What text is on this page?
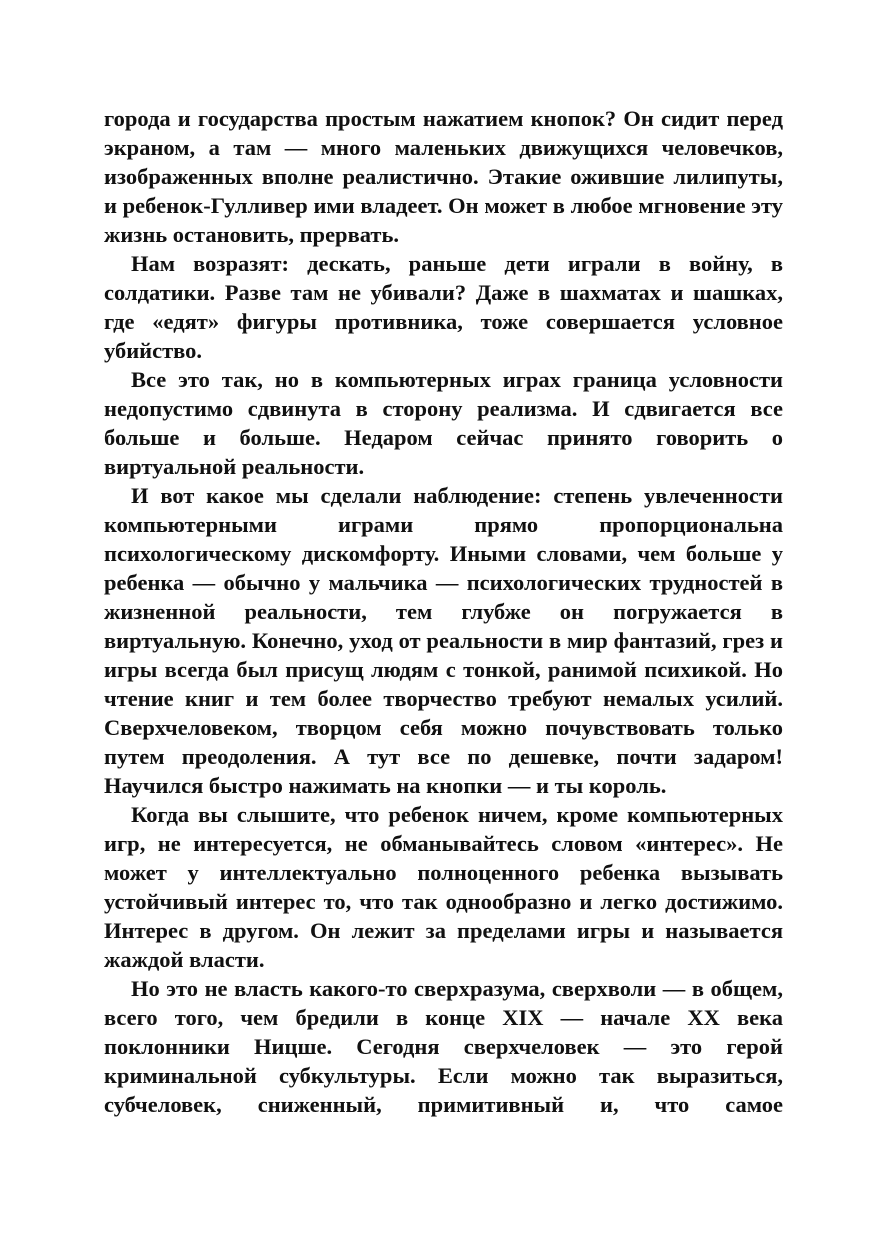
города и государства простым нажатием кнопок? Он сидит перед экраном, а там — много маленьких движущихся человечков, изображенных вполне реалистично. Этакие ожившие лилипуты, и ребенок-Гулливер ими владеет. Он может в любое мгновение эту жизнь остановить, прервать.

Нам возразят: дескать, раньше дети играли в войну, в солдатики. Разве там не убивали? Даже в шахматах и шашках, где «едят» фигуры противника, тоже совершается условное убийство.

Все это так, но в компьютерных играх граница условности недопустимо сдвинута в сторону реализма. И сдвигается все больше и больше. Недаром сейчас принято говорить о виртуальной реальности.

И вот какое мы сделали наблюдение: степень увлеченности компьютерными играми прямо пропорциональна психологическому дискомфорту. Иными словами, чем больше у ребенка — обычно у мальчика — психологических трудностей в жизненной реальности, тем глубже он погружается в виртуальную. Конечно, уход от реальности в мир фантазий, грез и игры всегда был присущ людям с тонкой, ранимой психикой. Но чтение книг и тем более творчество требуют немалых усилий. Сверхчеловеком, творцом себя можно почувствовать только путем преодоления. А тут все по дешевке, почти задаром! Научился быстро нажимать на кнопки — и ты король.

Когда вы слышите, что ребенок ничем, кроме компьютерных игр, не интересуется, не обманывайтесь словом «интерес». Не может у интеллектуально полноценного ребенка вызывать устойчивый интерес то, что так однообразно и легко достижимо. Интерес в другом. Он лежит за пределами игры и называется жаждой власти.

Но это не власть какого-то сверхразума, сверхволи — в общем, всего того, чем бредили в конце XIX — начале XX века поклонники Ницше. Сегодня сверхчеловек — это герой криминальной субкультуры. Если можно так выразиться, субчеловек, сниженный, примитивный и, что самое
